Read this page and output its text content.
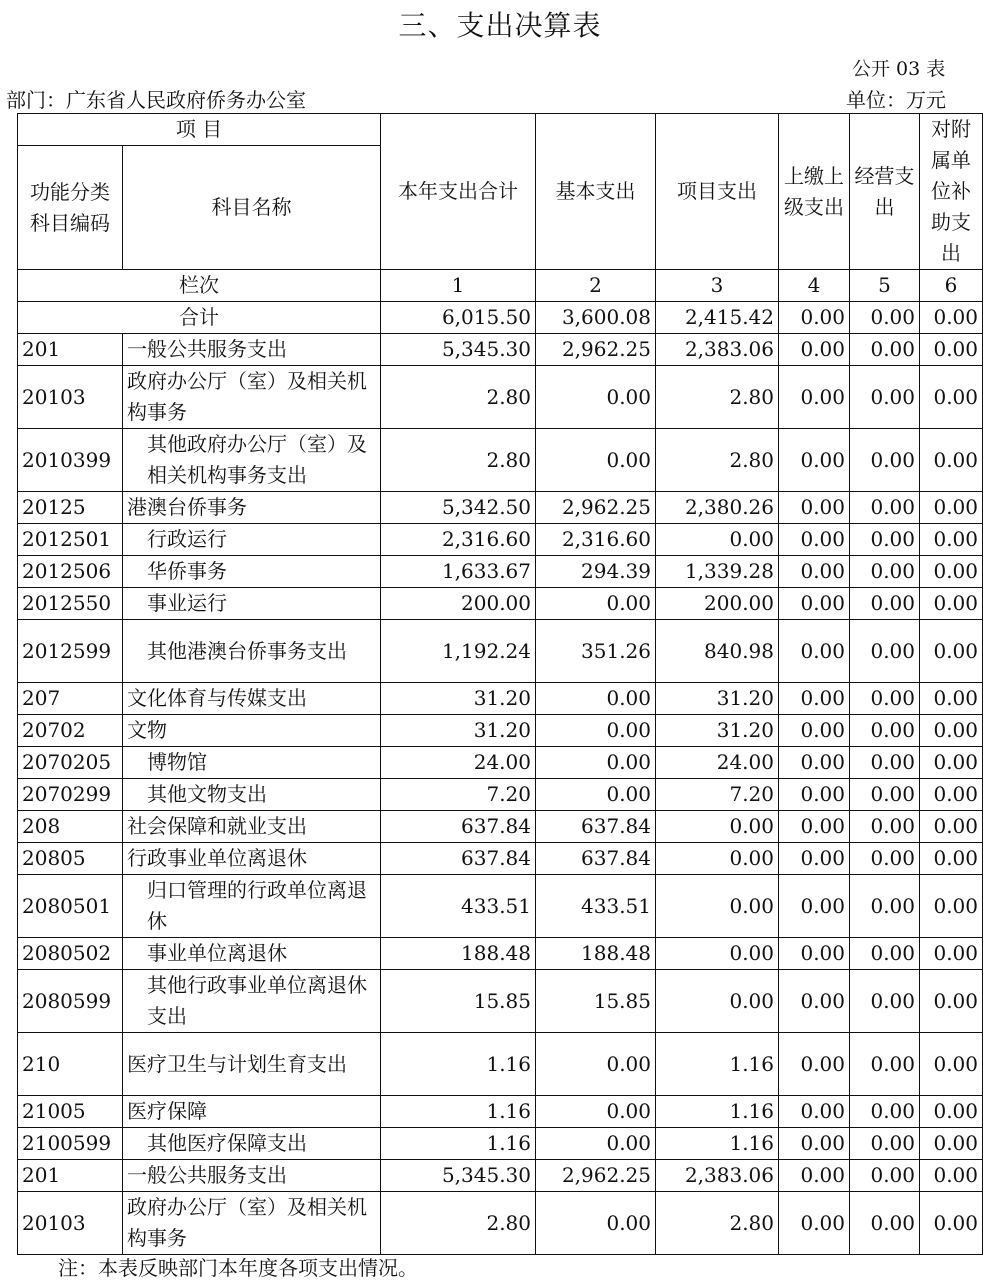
三、支出决算表
公开 03 表
部门：广东省人民政府侨务办公室	单位：万元
项 目		本年支出合计	基本支出	项目支出	上缴上级支出	经营支出	对附属单位补助支出
功能分类科目编码	科目名称						
栏次		1	2	3	4	5	6
合计		6,015.50	3,600.08	2,415.42	0.00	0.00	0.00
201	一般公共服务支出	5,345.30	2,962.25	2,383.06	0.00	0.00	0.00
20103	政府办公厅（室）及相关机构事务	2.80	0.00	2.80	0.00	0.00	0.00
2010399	其他政府办公厅（室）及相关机构事务支出	2.80	0.00	2.80	0.00	0.00	0.00
20125	港澳台侨事务	5,342.50	2,962.25	2,380.26	0.00	0.00	0.00
2012501	行政运行	2,316.60	2,316.60	0.00	0.00	0.00	0.00
2012506	华侨事务	1,633.67	294.39	1,339.28	0.00	0.00	0.00
2012550	事业运行	200.00	0.00	200.00	0.00	0.00	0.00
2012599	其他港澳台侨事务支出	1,192.24	351.26	840.98	0.00	0.00	0.00
207	文化体育与传媒支出	31.20	0.00	31.20	0.00	0.00	0.00
20702	文物	31.20	0.00	31.20	0.00	0.00	0.00
2070205	博物馆	24.00	0.00	24.00	0.00	0.00	0.00
2070299	其他文物支出	7.20	0.00	7.20	0.00	0.00	0.00
208	社会保障和就业支出	637.84	637.84	0.00	0.00	0.00	0.00
20805	行政事业单位离退休	637.84	637.84	0.00	0.00	0.00	0.00
2080501	归口管理的行政单位离退休	433.51	433.51	0.00	0.00	0.00	0.00
2080502	事业单位离退休	188.48	188.48	0.00	0.00	0.00	0.00
2080599	其他行政事业单位离退休支出	15.85	15.85	0.00	0.00	0.00	0.00
210	医疗卫生与计划生育支出	1.16	0.00	1.16	0.00	0.00	0.00
21005	医疗保障	1.16	0.00	1.16	0.00	0.00	0.00
2100599	其他医疗保障支出	1.16	0.00	1.16	0.00	0.00	0.00
201	一般公共服务支出	5,345.30	2,962.25	2,383.06	0.00	0.00	0.00
20103	政府办公厅（室）及相关机构事务	2.80	0.00	2.80	0.00	0.00	0.00
注：本表反映部门本年度各项支出情况。
